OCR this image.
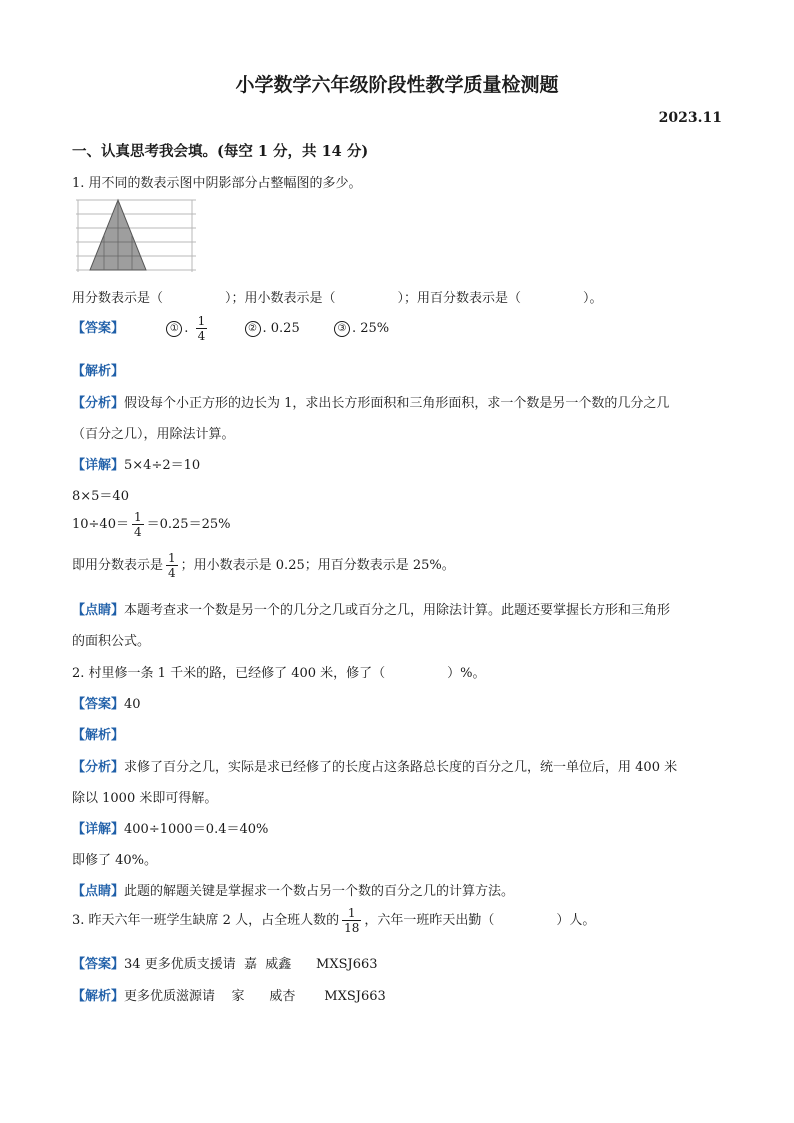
小学数学六年级阶段性教学质量检测题
2023.11
一、认真思考我会填。(每空 1 分，共 14 分)
1. 用不同的数表示图中阴影部分占整幅图的多少。
用分数表示是（	）；用小数表示是（	）；用百分数表示是（	）。
【答案】	① . $\frac{1}{4}$	② . 0.25	③ . 25%
【解析】
【分析】假设每个小正方形的边长为 1，求出长方形面积和三角形面积，求一个数是另一个数的几分之几
（百分之几），用除法计算。
【详解】5×4÷2＝10
8×5＝40
$10\div 40= \frac{1}{4} =0.25=25\%$
即用分数表示是 $\frac{1}{4}$ ；用小数表示是 0.25；用百分数表示是 25%。
【点睛】本题考查求一个数是另一个的几分之几或百分之几，用除法计算。此题还要掌握长方形和三角形
的面积公式。
2. 村里修一条 1 千米的路，已经修了 400 米，修了（	）%。
【答案】40
【解析】
【分析】求修了百分之几，实际是求已经修了的长度占这条路总长度的百分之几，统一单位后，用 400 米
除以 1000 米即可得解。
【详解】400÷1000＝0.4＝40%
即修了 40%。
【点睛】此题的解题关键是掌握求一个数占另一个数的百分之几的计算方法。
3. 昨天六年一班学生缺席 2 人，占全班人数的 $\frac{1}{18}$ ，六年一班昨天出勤（	）人。
【答案】34 更多优质支援请  嘉  威鑫      MXSJ663
【解析】更多优质滋源请    家      威杏       MXSJ663
